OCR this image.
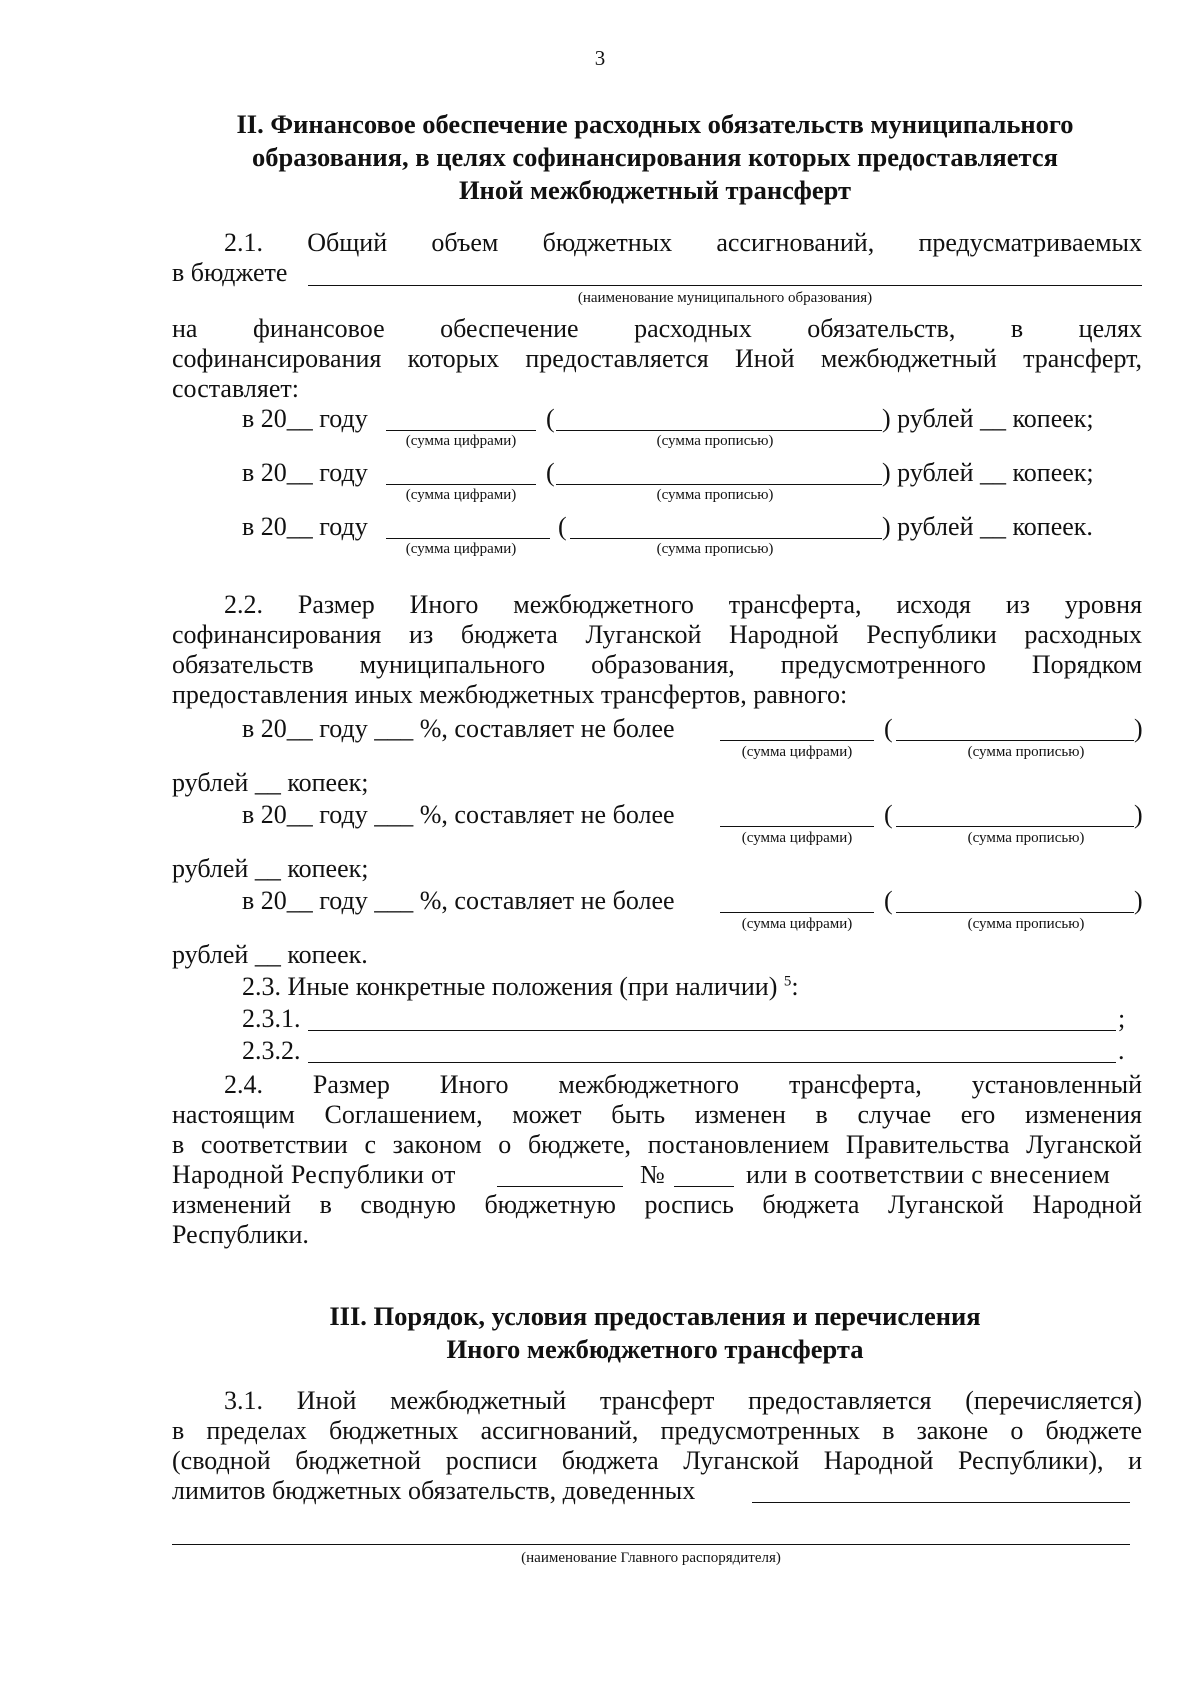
3
II. Финансовое обеспечение расходных обязательств муниципального
образования, в целях софинансирования которых предоставляется
Иной межбюджетный трансферт
2.1. Общий объем бюджетных ассигнований, предусматриваемых
в бюджете
(наименование муниципального образования)
на финансовое обеспечение расходных обязательств, в целях
софинансирования которых предоставляется Иной межбюджетный трансферт,
составляет:
в 20__ году	(	) рублей __ копеек;
(сумма цифрами)	(сумма прописью)
в 20__ году	(	) рублей __ копеек;
(сумма цифрами)	(сумма прописью)
в 20__ году	(	) рублей __ копеек.
(сумма цифрами)	(сумма прописью)
2.2. Размер Иного межбюджетного трансферта, исходя из уровня
софинансирования из бюджета Луганской Народной Республики расходных
обязательств муниципального образования, предусмотренного Порядком
предоставления иных межбюджетных трансфертов, равного:
в 20__ году ___ %, составляет не более	(	)
(сумма цифрами)	(сумма прописью)
рублей __ копеек;
в 20__ году ___ %, составляет не более	(	)
(сумма цифрами)	(сумма прописью)
рублей __ копеек;
в 20__ году ___ %, составляет не более	(	)
(сумма цифрами)	(сумма прописью)
рублей __ копеек.
2.3. Иные конкретные положения (при наличии) $^5$:
2.3.1.	;
2.3.2.	.
2.4. Размер Иного межбюджетного трансферта, установленный
настоящим Соглашением, может быть изменен в случае его изменения
в соответствии с законом о бюджете, постановлением Правительства Луганской
Народной Республики от	№	или в соответствии с внесением
изменений в сводную бюджетную роспись бюджета Луганской Народной
Республики.
III. Порядок, условия предоставления и перечисления
Иного межбюджетного трансферта
3.1. Иной межбюджетный трансферт предоставляется (перечисляется)
в пределах бюджетных ассигнований, предусмотренных в законе о бюджете
(сводной бюджетной росписи бюджета Луганской Народной Республики), и
лимитов бюджетных обязательств, доведенных
(наименование Главного распорядителя)
